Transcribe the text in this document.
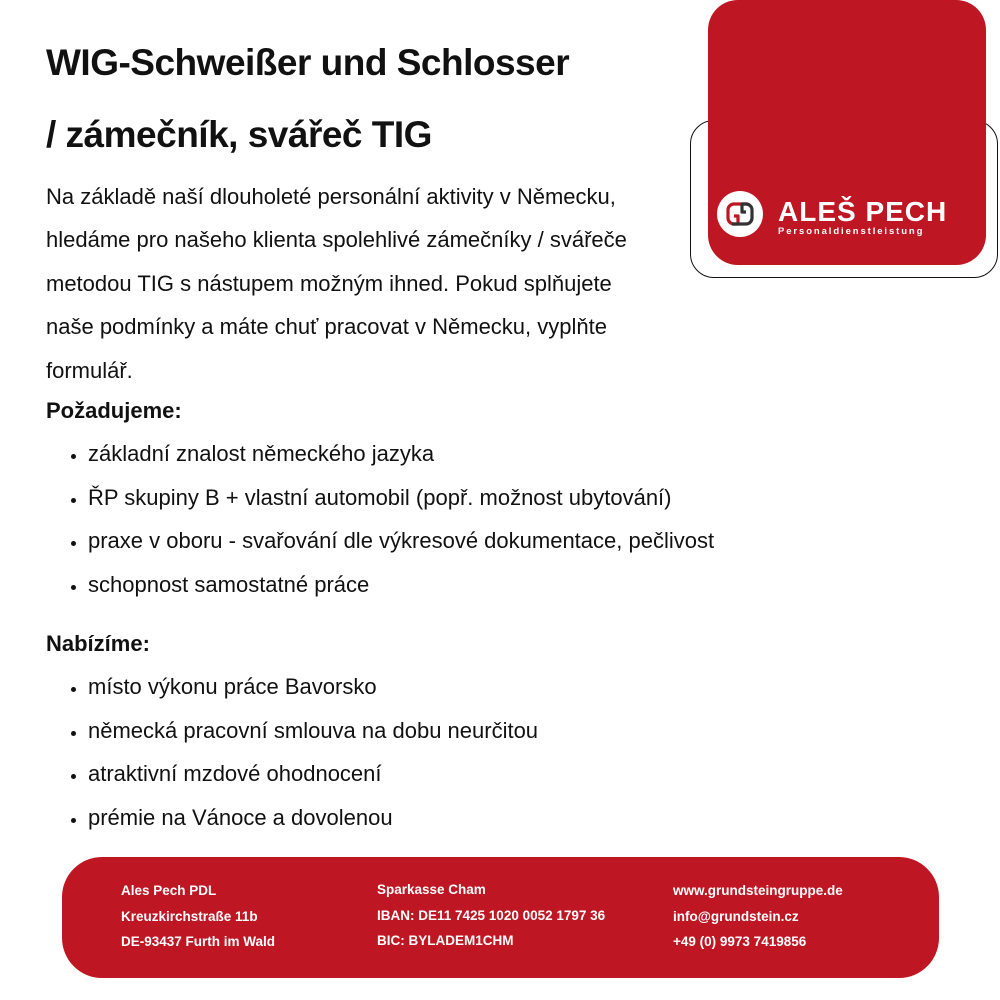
WIG-Schweißer und Schlosser
/ zámečník, svářeč TIG

Na základě naší dlouholeté personální aktivity v Německu, hledáme pro našeho klienta spolehlivé zámečníky / svářeče metodou TIG s nástupem možným ihned. Pokud splňujete naše podmínky a máte chuť pracovat v Německu, vyplňte formulář.

Požadujeme:
• základní znalost německého jazyka
• ŘP skupiny B + vlastní automobil (popř. možnost ubytování)
• praxe v oboru - svařování dle výkresové dokumentace, pečlivost
• schopnost samostatné práce
Nabízíme:
• místo výkonu práce Bavorsko
• německá pracovní smlouva na dobu neurčitou
• atraktivní mzdové ohodnocení
• prémie na Vánoce a dovolenou
ALEŠ PECH
Personaldienstleistung
Ales Pech PDL
Kreuzkirchstraße 11b
DE-93437 Furth im Wald
Sparkasse Cham
IBAN: DE11 7425 1020 0052 1797 36
BIC: BYLADEM1CHM
www.grundsteingruppe.de
info@grundstein.cz
+49 (0) 9973 7419856
